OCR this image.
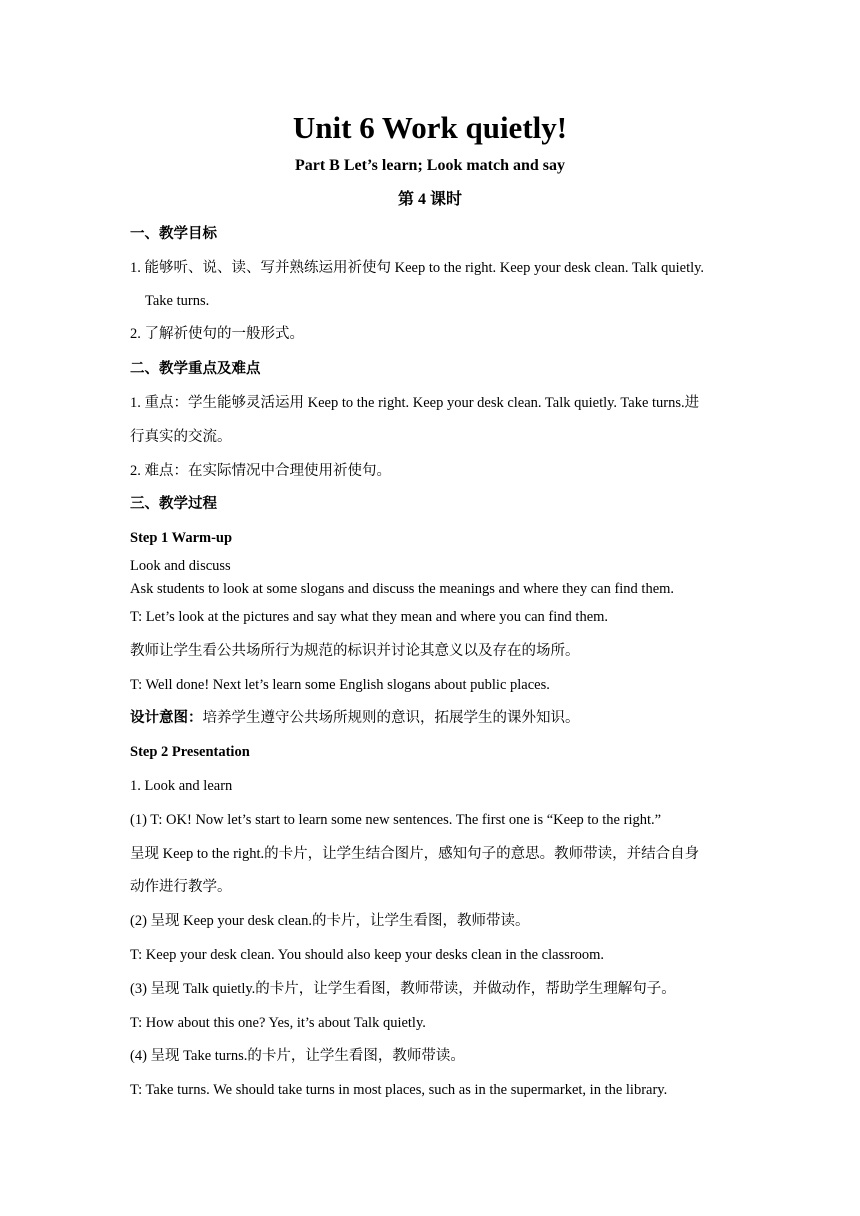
Unit 6 Work quietly!
Part B Let’s learn; Look match and say
第 4 课时
一、教学目标
1. 能够听、说、读、写并熟练运用祈使句 Keep to the right. Keep your desk clean. Talk quietly.
Take turns.
2. 了解祈使句的一般形式。
二、教学重点及难点
1. 重点：学生能够灵活运用 Keep to the right. Keep your desk clean. Talk quietly. Take turns.进
行真实的交流。
2. 难点：在实际情况中合理使用祈使句。
三、教学过程
Step 1 Warm-up
Look and discuss
Ask students to look at some slogans and discuss the meanings and where they can find them.
T: Let’s look at the pictures and say what they mean and where you can find them.
教师让学生看公共场所行为规范的标识并讨论其意义以及存在的场所。
T: Well done! Next let’s learn some English slogans about public places.
设计意图：培养学生遵守公共场所规则的意识，拓展学生的课外知识。
Step 2 Presentation
1. Look and learn
(1) T: OK! Now let’s start to learn some new sentences. The first one is “Keep to the right.”
呈现 Keep to the right.的卡片，让学生结合图片，感知句子的意思。教师带读，并结合自身
动作进行教学。
(2) 呈现 Keep your desk clean.的卡片，让学生看图，教师带读。
T: Keep your desk clean. You should also keep your desks clean in the classroom.
(3) 呈现 Talk quietly.的卡片，让学生看图，教师带读，并做动作，帮助学生理解句子。
T: How about this one? Yes, it’s about Talk quietly.
(4) 呈现 Take turns.的卡片，让学生看图，教师带读。
T: Take turns. We should take turns in most places, such as in the supermarket, in the library.
